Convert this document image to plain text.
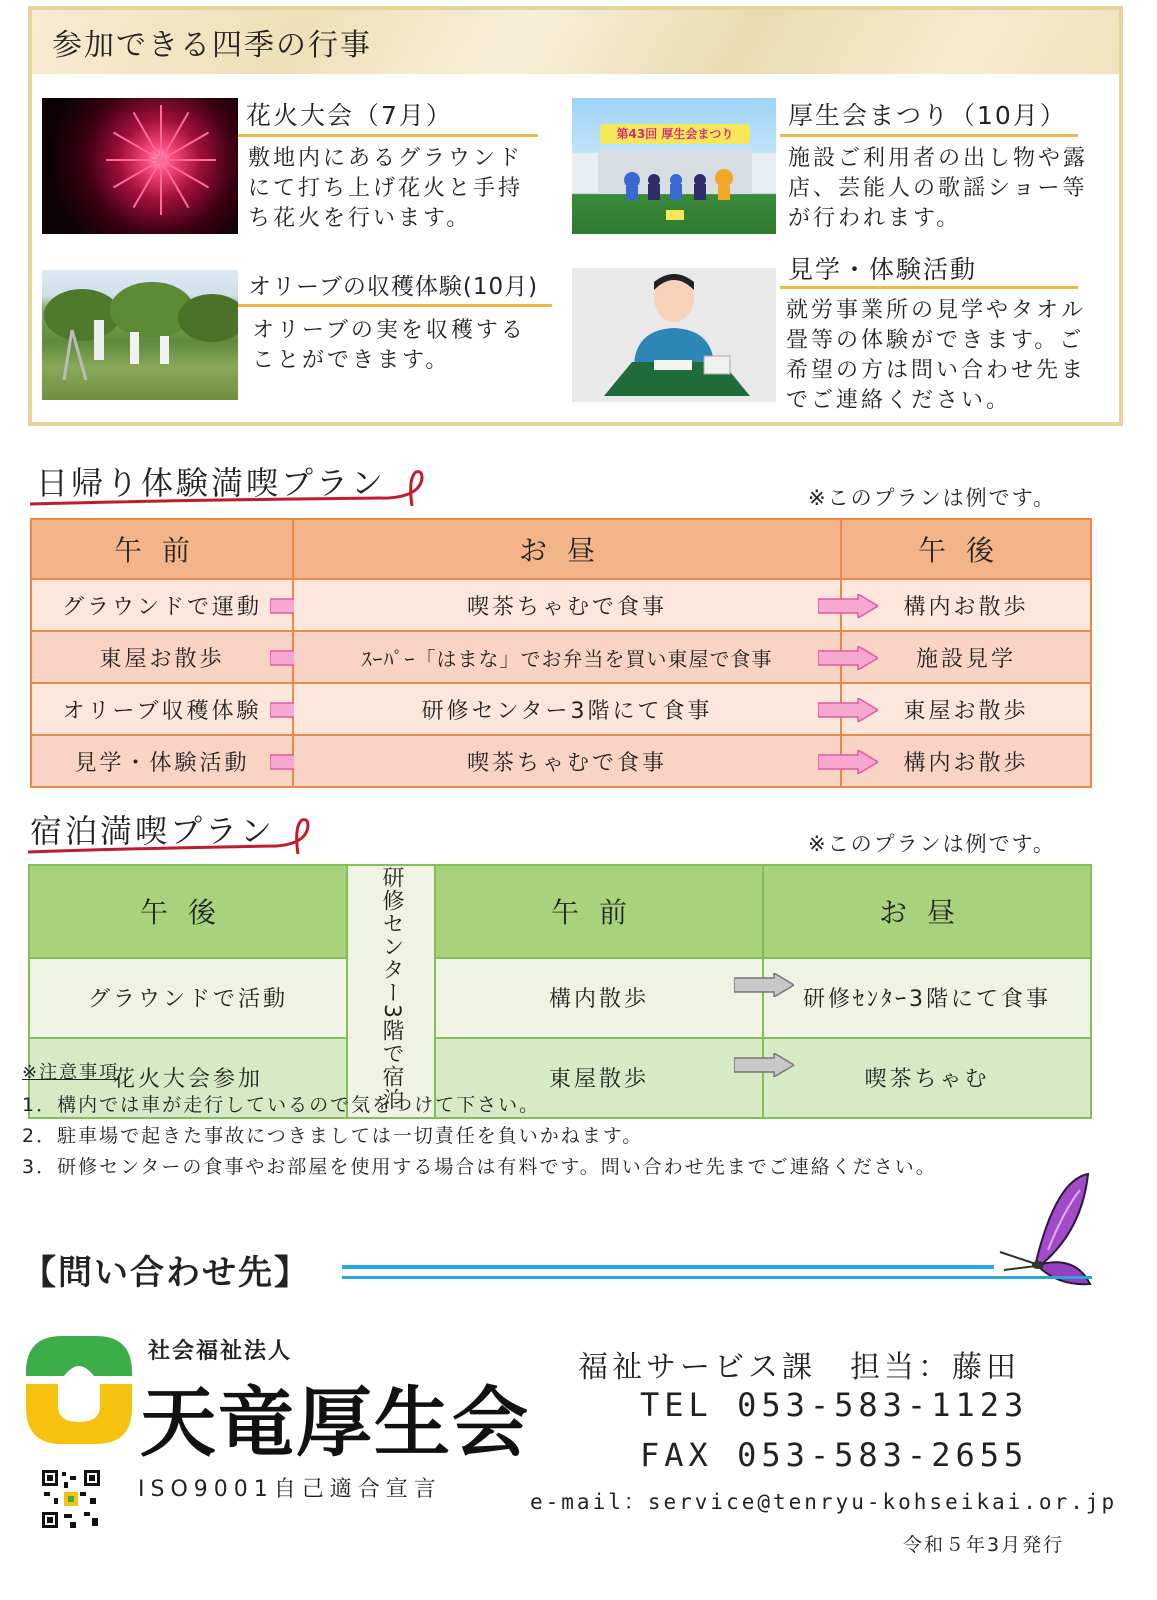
参加できる四季の行事
花火大会（7月）
敷地内にあるグラウンド
にて打ち上げ花火と手持
ち花火を行います。
オリーブの収穫体験(10月)
オリーブの実を収穫する
ことができます。
第43回 厚生会まつり
厚生会まつり（10月）
施設ご利用者の出し物や露
店、芸能人の歌謡ショー等
が行われます。
見学・体験活動
就労事業所の見学やタオル
畳等の体験ができます。ご
希望の方は問い合わせ先ま
でご連絡ください。
日帰り体験満喫プラン	※このプランは例です。
午前	お昼	午後
グラウンドで運動	喫茶ちゃむで食事	構内お散歩
東屋お散歩	ｽｰﾊﾟｰ「はまな」でお弁当を買い東屋で食事	施設見学
オリーブ収穫体験	研修センター3階にて食事	東屋お散歩
見学・体験活動	喫茶ちゃむで食事	構内お散歩
宿泊満喫プラン	※このプランは例です。
午後	研修センター3階で宿泊	午前	お昼
グラウンドで活動		構内散歩	研修ｾﾝﾀｰ3階にて食事
花火大会参加		東屋散歩	喫茶ちゃむ
※注意事項
1．構内では車が走行しているので気をつけて下さい。
2．駐車場で起きた事故につきましては一切責任を負いかねます。
3．研修センターの食事やお部屋を使用する場合は有料です。問い合わせ先までご連絡ください。
【問い合わせ先】
社会福祉法人
天竜厚生会
ISO9001自己適合宣言
福祉サービス課　担当：藤田
TEL 053-583-1123
FAX 053-583-2655
e-mail：service@tenryu-kohseikai.or.jp
令和５年3月発行
